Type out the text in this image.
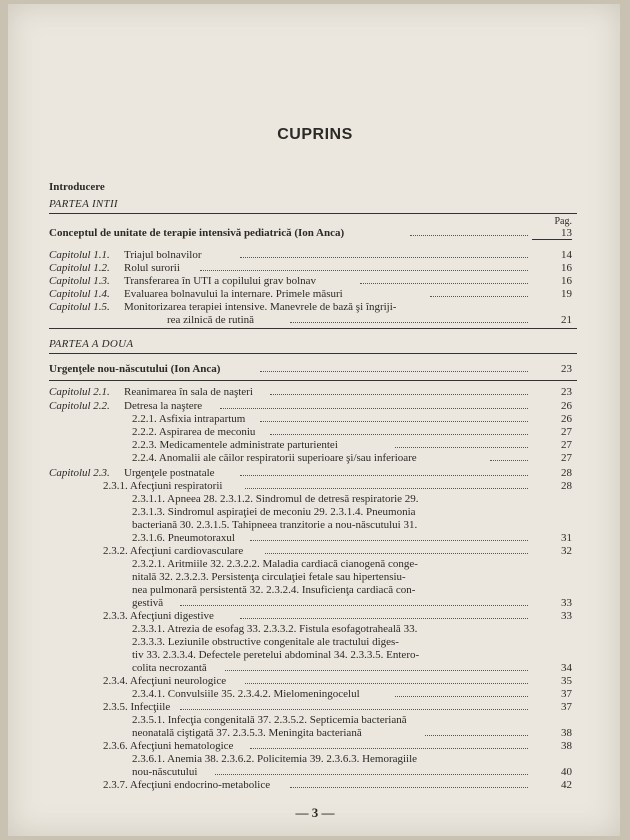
CUPRINS
Introducere
PARTEA INTII
Pag.
Conceptul de unitate de terapie intensivă pediatrică (Ion Anca)	13
Capitolul 1.1. Triajul bolnavilor	14
Capitolul 1.2. Rolul surorii	16
Capitolul 1.3. Transferarea în UTI a copilului grav bolnav	16
Capitolul 1.4. Evaluarea bolnavului la internare. Primele măsuri	19
Capitolul 1.5. Monitorizarea terapiei intensive. Manevrele de bază şi îngriji-
rea zilnică de rutină	21
PARTEA A DOUA
Urgenţele nou-născutului (Ion Anca)	23
Capitolul 2.1. Reanimarea în sala de naşteri	23
Capitolul 2.2. Detresa la naştere	26
2.2.1. Asfixia intrapartum	26
2.2.2. Aspirarea de meconiu	27
2.2.3. Medicamentele administrate parturientei	27
2.2.4. Anomalii ale căilor respiratorii superioare şi/sau inferioare	27
Capitolul 2.3. Urgenţele postnatale	28
2.3.1. Afecţiuni respiratorii	28
2.3.1.1. Apneea 28. 2.3.1.2. Sindromul de detresă respiratorie 29.
2.3.1.3. Sindromul aspiraţiei de meconiu 29. 2.3.1.4. Pneumonia
bacteriană 30. 2.3.1.5. Tahipneea tranzitorie a nou-născutului 31.
2.3.1.6. Pneumotoraxul	31
2.3.2. Afecţiuni cardiovasculare	32
2.3.2.1. Aritmiile 32. 2.3.2.2. Maladia cardiacă cianogenă conge-
nitală 32. 2.3.2.3. Persistenţa circulaţiei fetale sau hipertensiu-
nea pulmonară persistentă 32. 2.3.2.4. Insuficienţa cardiacă con-
gestivă	33
2.3.3. Afecţiuni digestive	33
2.3.3.1. Atrezia de esofag 33. 2.3.3.2. Fistula esofagotraheală 33.
2.3.3.3. Leziunile obstructive congenitale ale tractului diges-
tiv 33. 2.3.3.4. Defectele peretelui abdominal 34. 2.3.3.5. Entero-
colita necrozantă	34
2.3.4. Afecţiuni neurologice	35
2.3.4.1. Convulsiile 35. 2.3.4.2. Mielomeningocelul	37
2.3.5. Infecţiile	37
2.3.5.1. Infecţia congenitală 37. 2.3.5.2. Septicemia bacteriană
neonatală ciştigată 37. 2.3.5.3. Meningita bacteriană	38
2.3.6. Afecţiuni hematologice	38
2.3.6.1. Anemia 38. 2.3.6.2. Policitemia 39. 2.3.6.3. Hemoragiile
nou-născutului	40
2.3.7. Afecţiuni endocrino-metabolice	42
— 3 —
